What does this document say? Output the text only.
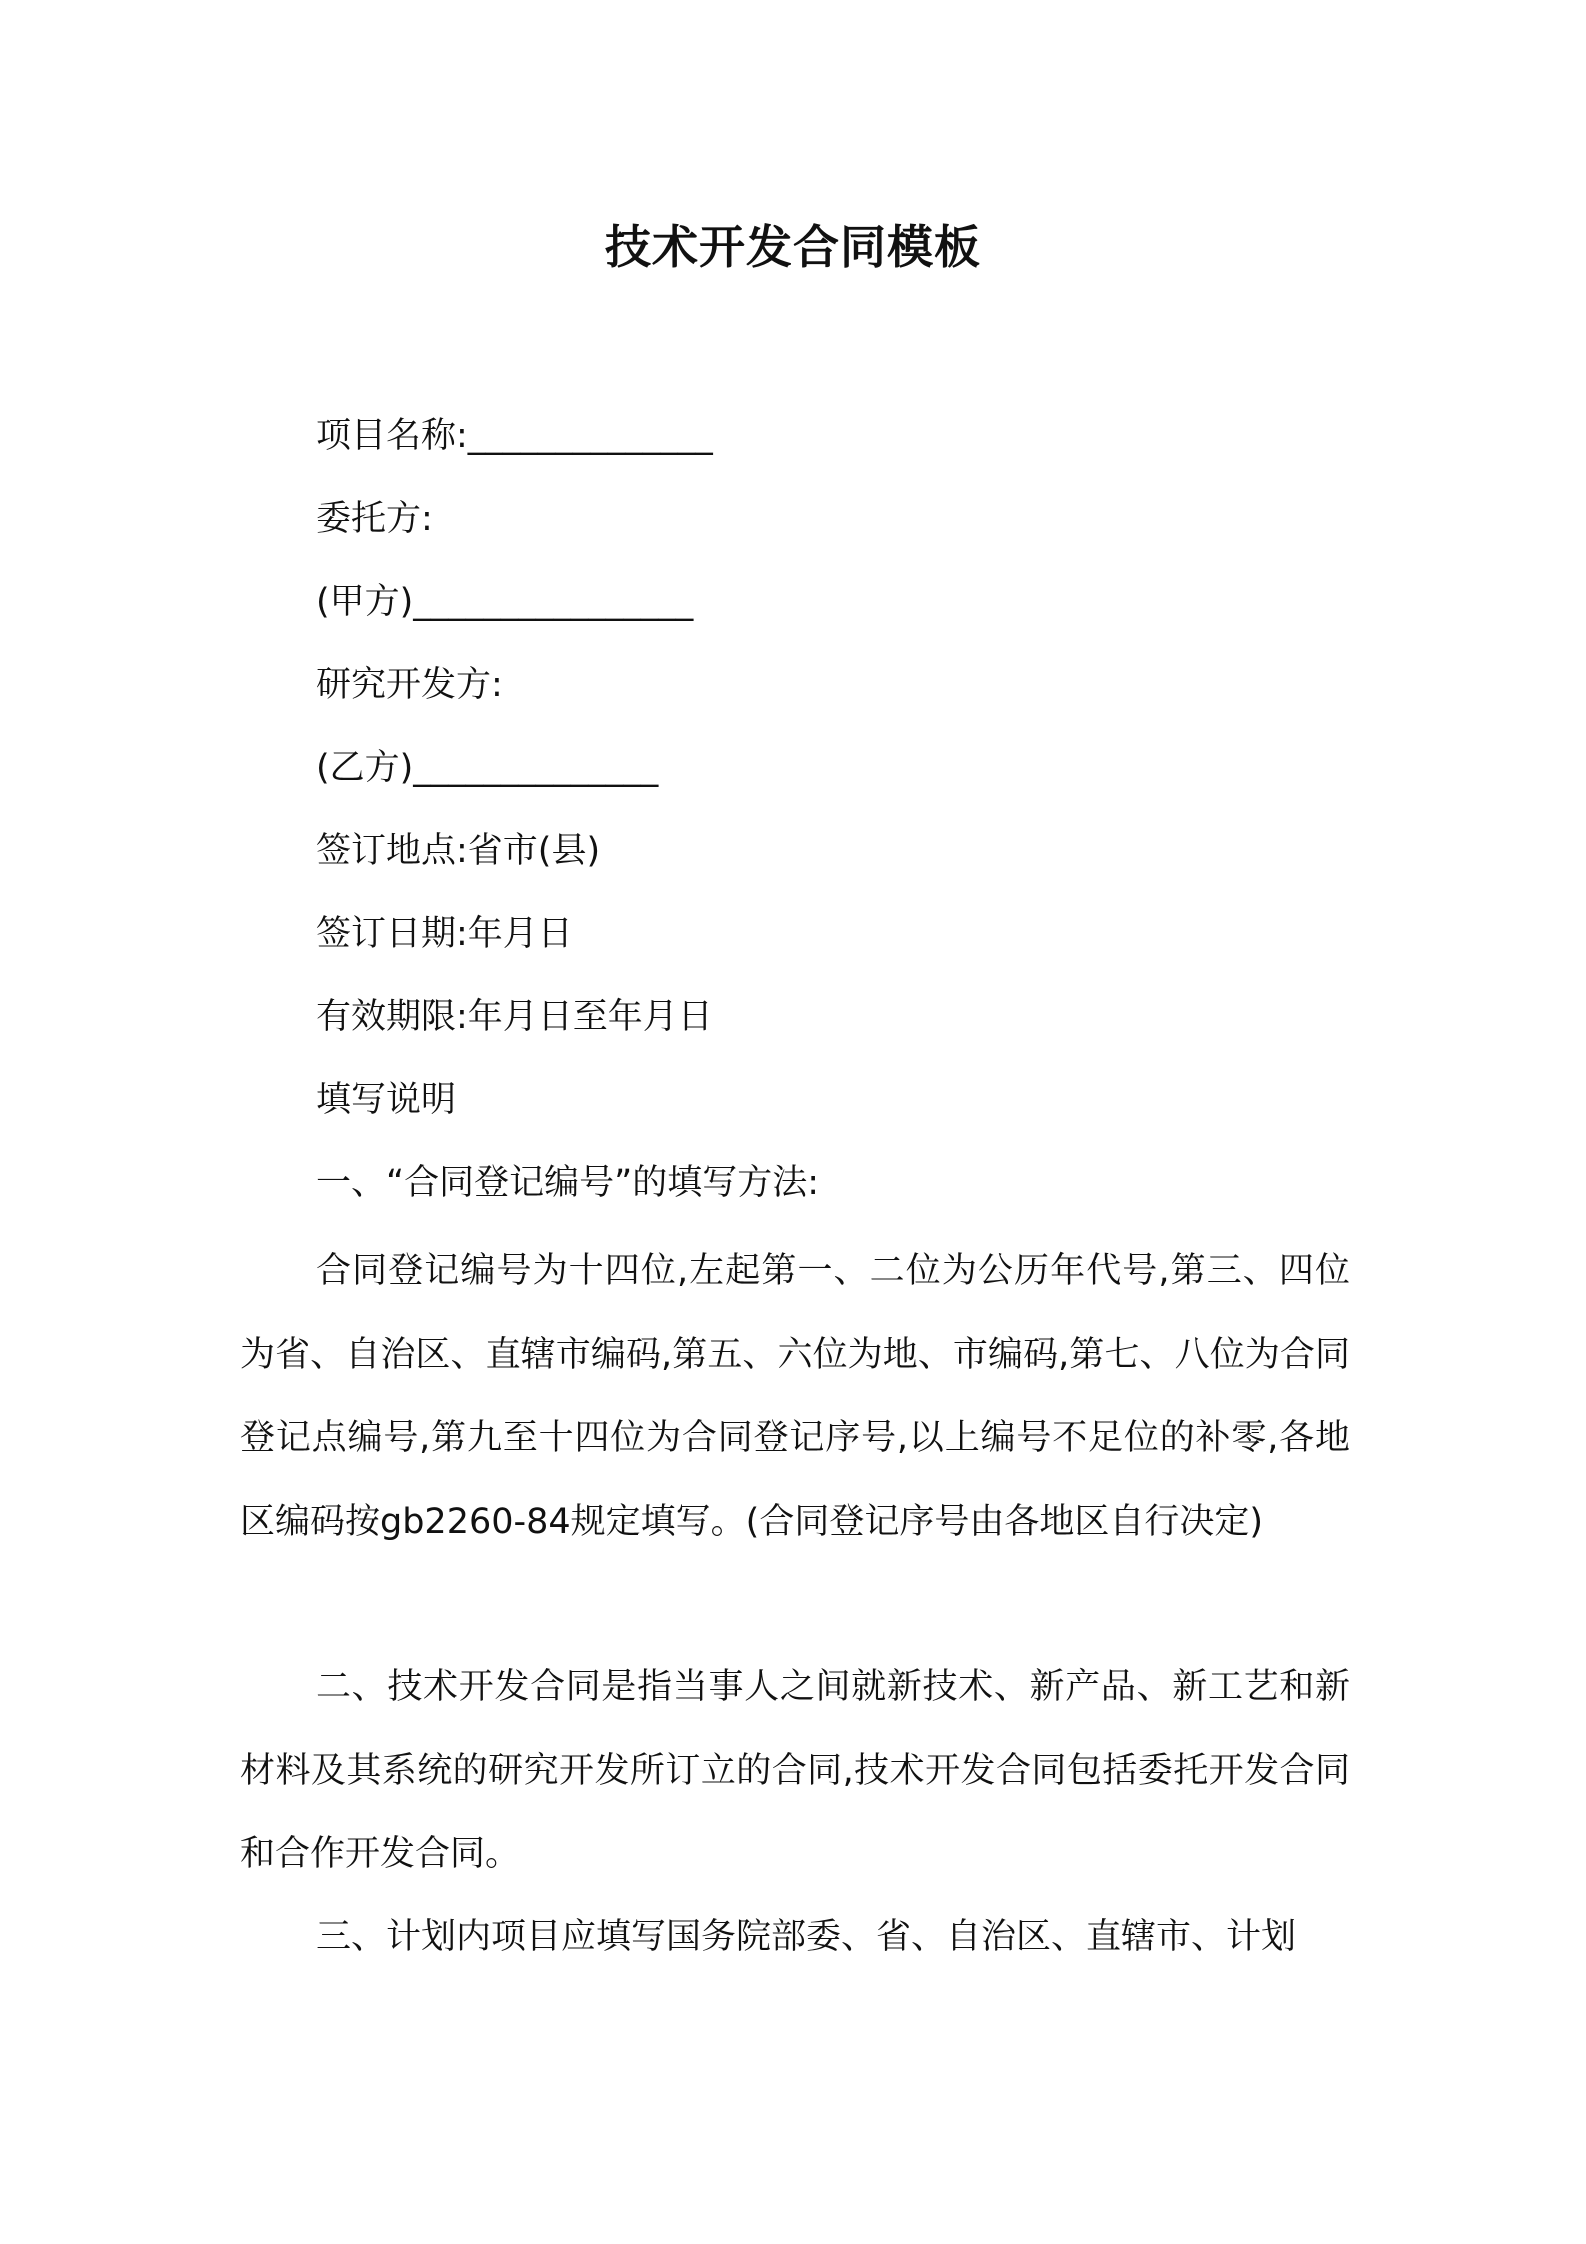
技术开发合同模板
项目名称:______________
委托方:
(甲方)________________
研究开发方:
(乙方)______________
签订地点:省市(县)
签订日期:年月日
有效期限:年月日至年月日
填写说明
一、“合同登记编号”的填写方法:

合同登记编号为十四位,左起第一、二位为公历年代号,第三、四位为省、自治区、直辖市编码,第五、六位为地、市编码,第七、八位为合同登记点编号,第九至十四位为合同登记序号,以上编号不足位的补零,各地区编码按gb2260-84规定填写。(合同登记序号由各地区自行决定)

二、技术开发合同是指当事人之间就新技术、新产品、新工艺和新材料及其系统的研究开发所订立的合同,技术开发合同包括委托开发合同和合作开发合同。

三、计划内项目应填写国务院部委、省、自治区、直辖市、计划
